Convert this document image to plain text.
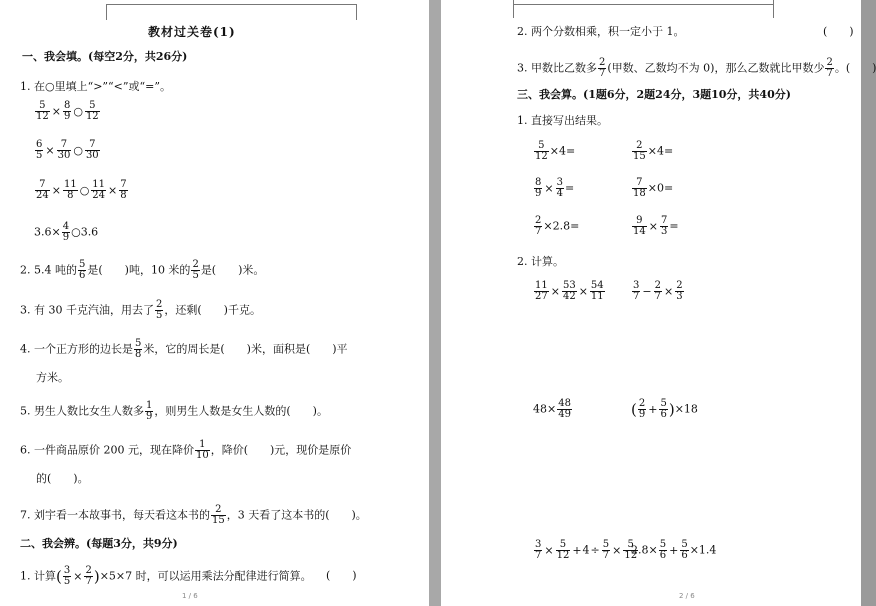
教材过关卷(1)
一、我会填。(每空2分，共26分)
1. 在○里填上“>”“<”或“=”。
$\frac{5}{12} \times \frac{8}{9}$ ○ $\frac{5}{12}$
$\frac{6}{5} \times \frac{7}{30}$ ○ $\frac{7}{30}$
$\frac{7}{24} \times \frac{11}{8}$ ○ $\frac{11}{24} \times \frac{7}{8}$
$3.6\times \frac{4}{9}$ ○3.6
2. 5.4 吨的 $\frac{5}{6}$ 是(　　)吨，10 米的 $\frac{2}{5}$ 是(　　)米。
3. 有 30 千克汽油，用去了 $\frac{2}{5}$ ，还剩(　　)千克。
4. 一个正方形的边长是 $\frac{5}{8}$ 米，它的周长是(　　)米，面积是(　　)平
方米。
5. 男生人数比女生人数多 $\frac{1}{9}$ ，则男生人数是女生人数的(　　)。
6. 一件商品原价 200 元，现在降价 $\frac{1}{10}$ ，降价(　　)元，现价是原价
的(　　)。
7. 刘宇看一本故事书，每天看这本书的 $\frac{2}{15}$ ，3 天看了这本书的(　　)。
二、我会辨。(每题3分，共9分)
1. 计算( $\frac{3}{5} \times \frac{2}{7} )\times 5\times 7$ 时，可以运用乘法分配律进行简算。 (　　)
1 / 6
2. 两个分数相乘，积一定小于 1。	(　　)
3. 甲数比乙数多 $\frac{2}{7}$ (甲数、乙数均不为 0)，那么乙数就比甲数少 $\frac{2}{7}$ 。(　　)
三、我会算。(1题6分，2题24分，3题10分，共40分)
1. 直接写出结果。
$\frac{5}{12} \times 4=$	$\frac{2}{15} \times 4=$
$\frac{8}{9} \times \frac{3}{4}$ =	$\frac{7}{18} \times 0=$
$\frac{2}{7} \times 2.8=$	$\frac{9}{14} \times \frac{7}{3}$ =
2. 计算。
$\frac{11}{27} \times \frac{53}{42} \times \frac{54}{11}$	$\frac{3}{7} - \frac{2}{7} \times \frac{2}{3}$
$48\times \frac{48}{49}$	( $\frac{2}{9} + \frac{5}{6} )\times 18$
$\frac{3}{7} \times \frac{5}{12} +4\div \frac{5}{7} \times \frac{5}{12}$
$2.8\times \frac{5}{6} + \frac{5}{6} \times 1.4$
2 / 6
